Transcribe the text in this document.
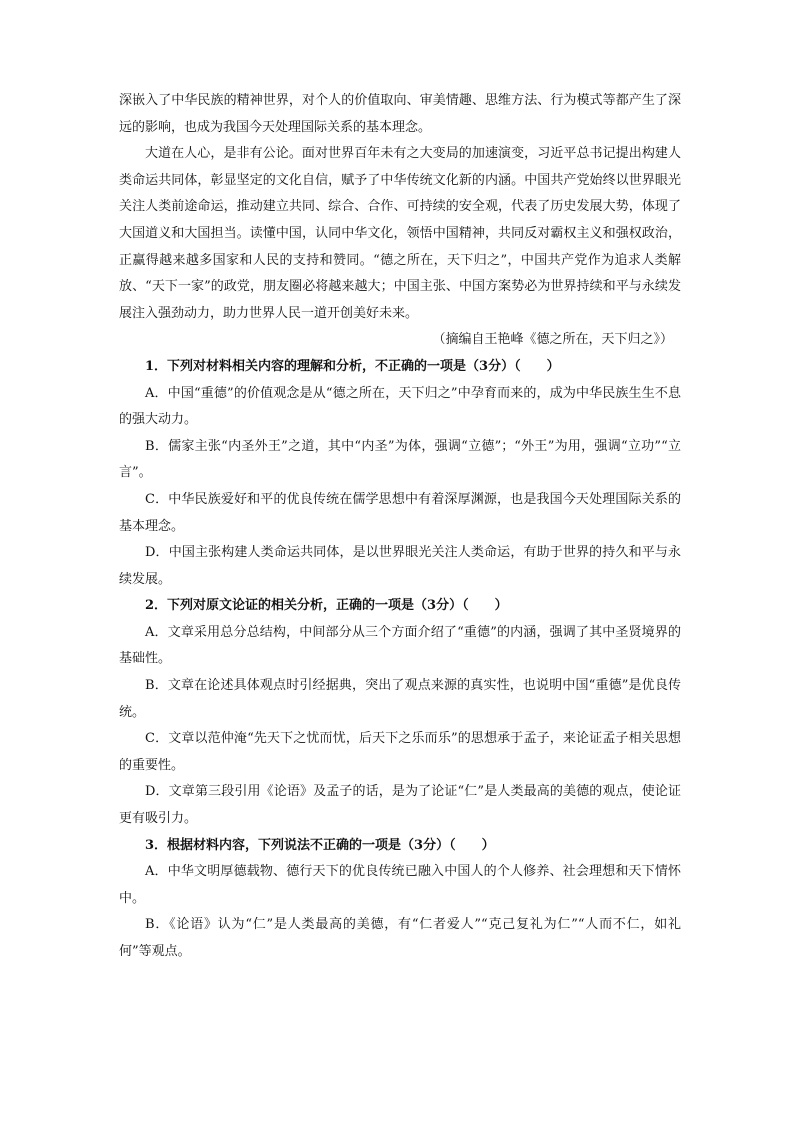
深嵌入了中华民族的精神世界，对个人的价值取向、审美情趣、思维方法、行为模式等都产生了深远的影响，也成为我国今天处理国际关系的基本理念。

大道在人心，是非有公论。面对世界百年未有之大变局的加速演变，习近平总书记提出构建人类命运共同体，彰显坚定的文化自信，赋予了中华传统文化新的内涵。中国共产党始终以世界眼光关注人类前途命运，推动建立共同、综合、合作、可持续的安全观，代表了历史发展大势，体现了大国道义和大国担当。读懂中国，认同中华文化，领悟中国精神，共同反对霸权主义和强权政治，正赢得越来越多国家和人民的支持和赞同。“德之所在，天下归之”，中国共产党作为追求人类解放、“天下一家”的政党，朋友圈必将越来越大；中国主张、中国方案势必为世界持续和平与永续发展注入强劲动力，助力世界人民一道开创美好未来。

（摘编自王艳峰《德之所在，天下归之》）

1．下列对材料相关内容的理解和分析，不正确的一项是（3分）（　　）

A．中国“重德”的价值观念是从“德之所在，天下归之”中孕育而来的，成为中华民族生生不息的强大动力。

B．儒家主张“内圣外王”之道，其中“内圣”为体，强调“立德”；“外王”为用，强调“立功”“立言”。

C．中华民族爱好和平的优良传统在儒学思想中有着深厚渊源，也是我国今天处理国际关系的基本理念。

D．中国主张构建人类命运共同体，是以世界眼光关注人类命运，有助于世界的持久和平与永续发展。

2．下列对原文论证的相关分析，正确的一项是（3分）（　　）

A．文章采用总分总结构，中间部分从三个方面介绍了“重德”的内涵，强调了其中圣贤境界的基础性。

B．文章在论述具体观点时引经据典，突出了观点来源的真实性，也说明中国“重德”是优良传统。

C．文章以范仲淹“先天下之忧而忧，后天下之乐而乐”的思想承于孟子，来论证孟子相关思想的重要性。

D．文章第三段引用《论语》及孟子的话，是为了论证“仁”是人类最高的美德的观点，使论证更有吸引力。

3．根据材料内容，下列说法不正确的一项是（3分）（　　）

A．中华文明厚德载物、德行天下的优良传统已融入中国人的个人修养、社会理想和天下情怀中。

B．《论语》认为“仁”是人类最高的美德，有“仁者爱人”“克己复礼为仁”“人而不仁，如礼何”等观点。
